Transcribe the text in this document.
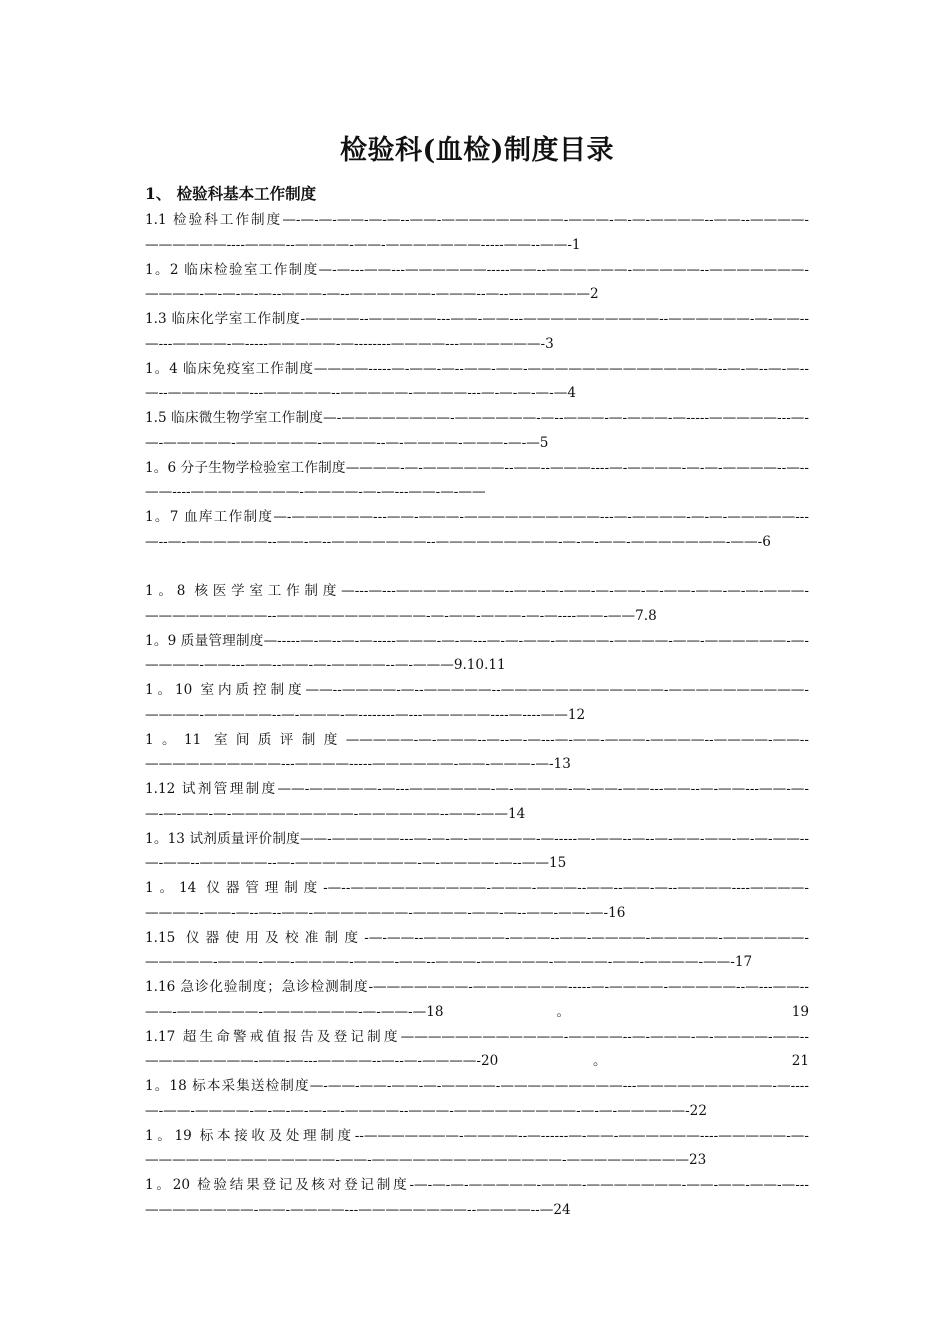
检验科(血检)制度目录
1、 检验科基本工作制度
1.1 检验科工作制度—-—-—-——-—-—--——-—————————-———-—-—-————--——--————-——————----———--————-——-———————-----——--——-1
1。2 临床检验室工作制度—-—---——---——————-----——--——————-—————--———————-————-—-—-—-—--———-—--——————-———--—--——————2
1.3 临床化学室工作制度-————--—————---——-——---——————————--——————-—-——--—---————-—-----—————-—--------————---——————-3
1。4 临床免疫室工作制度————-----—-——-—--——-——-——————————————--—-—--—-—--—--——————---—————--—————-————---—-—-—-—-—4
1.5 临床微生物学室工作制度—-————————-——————-—--———-—-———-—-----—————---—-—-—————-——————-————--—-————-———-—-—5
1。6 分子生物学检验室工作制度————-—-——————--——--———----—-————-—-—-————--—--——----————————-————-—-—---——-—-——
1。7 血库工作制度—-——————---——-———-——————————---—-————-—-—-—————---—--—-——————--——-—--———————--—————————-—-—-——-———————-——-6
1。8 核医学室工作制度—---—---————————--——-—-——-—-——-—-——-——-—-—-———-—————————--———————————-—-——-———-—-—----——-——7.8
1。9 质量管理制度—-----—-—--—-—-----———-—-—---—-—-——-————-————-——-——————-—-————-——---——--——-—-————--—-———9.10.11
1。10 室内质控制度——--————-—--—————--————————————-——————————-————-—————--—-———-—--------—---—————----—----——12
1。11 室间质评制度—————-—-———--—--—-—---—-——-———-————--————-——--——————————---————-----——————-——-———-—-13
1.12 试剂管理制度——-—————-—---——————-—-————-—-——-——---——--—-——---——-—-—-—-——-—-—————————-——————--——-——14
1。13 试剂质量评价制度——-—————---—-—-—-—————-—-----—-——--—--—-——-——-—-—-——--—-——--—————--—-—————————-—-————-—--——15
1。14 仪器管理制度-—--——————————-———-———--——--——-—--————----————-————-——-—--—--——-———————-————-——-—--——-——-—-16
1.15 仪器使用及校准制度-—-——--——————-———--——-————-—————-——————-—————-———-——-————-———-——--———-—————-————-——-————-——-17
1.16 急诊化验制度；急诊检测制度-———————-———————-----—-————-—————--—---——--——-——————-———————-—-——-—18 。 19
1.17 超生命警戒值报告及登记制度————————————-————--—-———-—-————-——--————————-——-—---————--—--—-————-20 。 21
1。18 标本采集送检制度—-——-——-——-—-————-—————————---——————————-—----—-——-————-—-—-—-—-—-————--———-—————————-—-—-—————-22
1。19 标本接收及处理制度--———————-————--—------—-——-——————----—————-—-——————————————-——-——————————————-—————————23
1。20 检验结果登记及核对登记制度-—-—-—-—————-———-———————-——-——-——-—---————————-——-————---————————--————--—24
